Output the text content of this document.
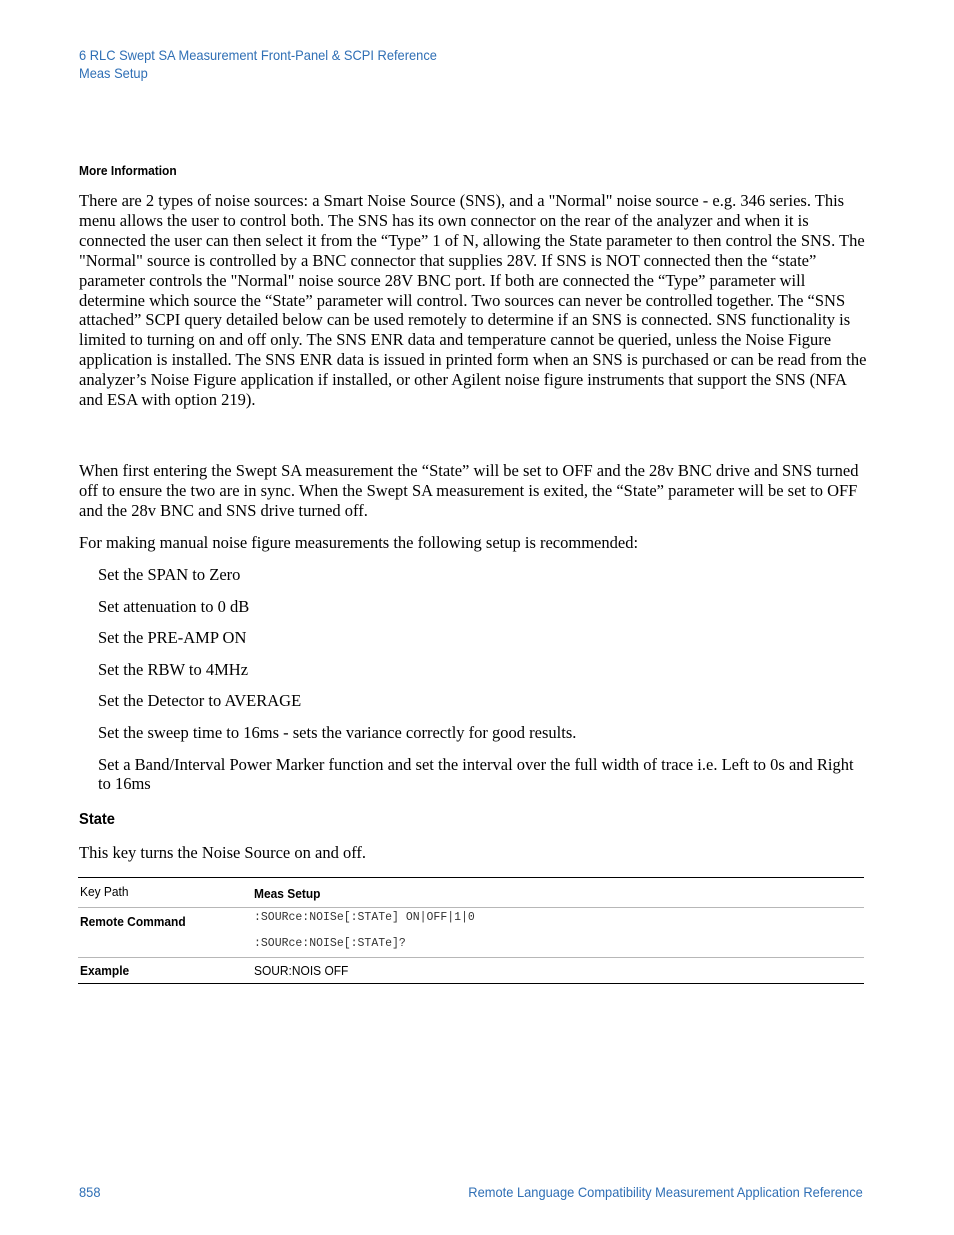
6 RLC Swept SA Measurement Front-Panel & SCPI Reference
Meas Setup
More Information

There are 2 types of noise sources: a Smart Noise Source (SNS), and a "Normal" noise source - e.g. 346 series. This menu allows the user to control both. The SNS has its own connector on the rear of the analyzer and when it is connected the user can then select it from the “Type” 1 of N, allowing the State parameter to then control the SNS. The "Normal" source is controlled by a BNC connector that supplies 28V. If SNS is NOT connected then the “state” parameter controls the "Normal" noise source 28V BNC port. If both are connected the “Type” parameter will determine which source the “State” parameter will control. Two sources can never be controlled together. The “SNS attached” SCPI query detailed below can be used remotely to determine if an SNS is connected. SNS functionality is limited to turning on and off only. The SNS ENR data and temperature cannot be queried, unless the Noise Figure application is installed. The SNS ENR data is issued in printed form when an SNS is purchased or can be read from the analyzer’s Noise Figure application if installed, or other Agilent noise figure instruments that support the SNS (NFA and ESA with option 219).

When first entering the Swept SA measurement the “State” will be set to OFF and the 28v BNC drive and SNS turned off to ensure the two are in sync. When the Swept SA measurement is exited, the “State” parameter will be set to OFF and the 28v BNC and SNS drive turned off.

For making manual noise figure measurements the following setup is recommended:

Set the SPAN to Zero

Set attenuation to 0 dB

Set the PRE-AMP ON

Set the RBW to 4MHz

Set the Detector to AVERAGE

Set the sweep time to 16ms - sets the variance correctly for good results.

Set a Band/Interval Power Marker function and set the interval over the full width of trace i.e. Left to 0s and Right to 16ms

State

This key turns the Noise Source on and off.

Key Path	Meas Setup
Remote Command	:SOURce:NOISe[:STATe] ON|OFF|1|0
:SOURce:NOISe[:STATe]?
Example	SOUR:NOIS OFF
858	Remote Language Compatibility Measurement Application Reference
